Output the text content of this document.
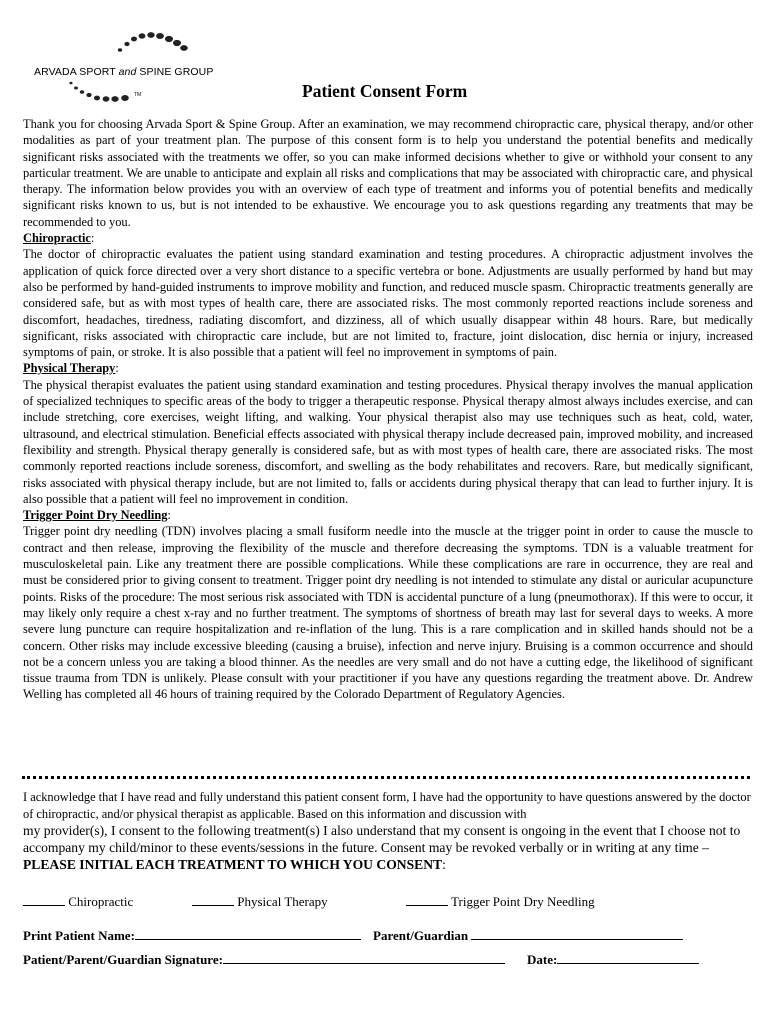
ARVADA SPORT and SPINE GROUP
TM	Patient Consent Form

Thank you for choosing Arvada Sport & Spine Group. After an examination, we may recommend chiropractic care, physical therapy, and/or other modalities as part of your treatment plan. The purpose of this consent form is to help you understand the potential benefits and medically significant risks associated with the treatments we offer, so you can make informed decisions whether to give or withhold your consent to any particular treatment. We are unable to anticipate and explain all risks and complications that may be associated with chiropractic care, and physical therapy. The information below provides you with an overview of each type of treatment and informs you of potential benefits and medically significant risks known to us, but is not intended to be exhaustive. We encourage you to ask questions regarding any treatments that may be recommended to you.

Chiropractic:

The doctor of chiropractic evaluates the patient using standard examination and testing procedures. A chiropractic adjustment involves the application of quick force directed over a very short distance to a specific vertebra or bone. Adjustments are usually performed by hand but may also be performed by hand-guided instruments to improve mobility and function, and reduced muscle spasm. Chiropractic treatments generally are considered safe, but as with most types of health care, there are associated risks. The most commonly reported reactions include soreness and discomfort, headaches, tiredness, radiating discomfort, and dizziness, all of which usually disappear within 48 hours. Rare, but medically significant, risks associated with chiropractic care include, but are not limited to, fracture, joint dislocation, disc hernia or injury, increased symptoms of pain, or stroke. It is also possible that a patient will feel no improvement in symptoms of pain.

Physical Therapy:

The physical therapist evaluates the patient using standard examination and testing procedures. Physical therapy involves the manual application of specialized techniques to specific areas of the body to trigger a therapeutic response. Physical therapy almost always includes exercise, and can include stretching, core exercises, weight lifting, and walking. Your physical therapist also may use techniques such as heat, cold, water, ultrasound, and electrical stimulation. Beneficial effects associated with physical therapy include decreased pain, improved mobility, and increased flexibility and strength. Physical therapy generally is considered safe, but as with most types of health care, there are associated risks. The most commonly reported reactions include soreness, discomfort, and swelling as the body rehabilitates and recovers. Rare, but medically significant, risks associated with physical therapy include, but are not limited to, falls or accidents during physical therapy that can lead to further injury. It is also possible that a patient will feel no improvement in condition.

Trigger Point Dry Needling:

Trigger point dry needling (TDN) involves placing a small fusiform needle into the muscle at the trigger point in order to cause the muscle to contract and then release, improving the flexibility of the muscle and therefore decreasing the symptoms. TDN is a valuable treatment for musculoskeletal pain. Like any treatment there are possible complications. While these complications are rare in occurrence, they are real and must be considered prior to giving consent to treatment. Trigger point dry needling is not intended to stimulate any distal or auricular acupuncture points. Risks of the procedure: The most serious risk associated with TDN is accidental puncture of a lung (pneumothorax). If this were to occur, it may likely only require a chest x-ray and no further treatment. The symptoms of shortness of breath may last for several days to weeks. A more severe lung puncture can require hospitalization and re-inflation of the lung. This is a rare complication and in skilled hands should not be a concern. Other risks may include excessive bleeding (causing a bruise), infection and nerve injury. Bruising is a common occurrence and should not be a concern unless you are taking a blood thinner. As the needles are very small and do not have a cutting edge, the likelihood of significant tissue trauma from TDN is unlikely. Please consult with your practitioner if you have any questions regarding the treatment above. Dr. Andrew Welling has completed all 46 hours of training required by the Colorado Department of Regulatory Agencies.

I acknowledge that I have read and fully understand this patient consent form, I have had the opportunity to have questions answered by the doctor of chiropractic, and/or physical therapist as applicable. Based on this information and discussion with

my provider(s), I consent to the following treatment(s) I also understand that my consent is ongoing in the event that I choose not to accompany my child/minor to these events/sessions in the future. Consent may be revoked verbally or in writing at any time – PLEASE INITIAL EACH TREATMENT TO WHICH YOU CONSENT:

Chiropractic	Physical Therapy	Trigger Point Dry Needling
Print Patient Name:	Parent/Guardian
Patient/Parent/Guardian Signature:	Date:
